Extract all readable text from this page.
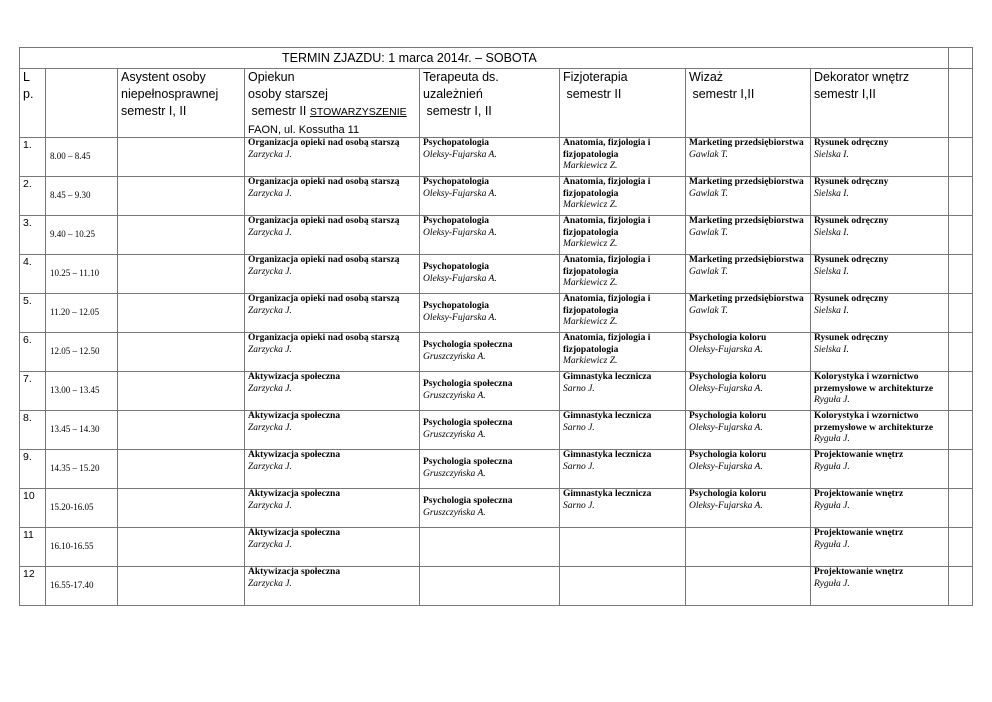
TERMIN ZJAZDU: 1 marca 2014r. – SOBOTA								
L
p.		Asystent osoby
niepełnosprawnej
semestr I, II	Opiekun
osoby starszej
semestr II STOWARZYSZENIE
FAON, ul. Kossutha 11	Terapeuta ds.
uzależnień
semestr I, II	Fizjoterapia
semestr II	Wizaż
semestr I,II	Dekorator wnętrz
semestr I,II	
1.	8.00 – 8.45		Organizacja opieki nad osobą starszą
Zarzycka J.	Psychopatologia
Oleksy-Fujarska A.	Anatomia, fizjologia i fizjopatologia
Markiewicz Z.	Marketing przedsiębiorstwa
Gawlak T.	Rysunek odręczny
Sielska I.	

2.	8.45 – 9.30		Organizacja opieki nad osobą starszą
Zarzycka J.	Psychopatologia
Oleksy-Fujarska A.	Anatomia, fizjologia i fizjopatologia
Markiewicz Z.	Marketing przedsiębiorstwa
Gawlak T.	Rysunek odręczny
Sielska I.	

3.	9.40 – 10.25		Organizacja opieki nad osobą starszą
Zarzycka J.	Psychopatologia
Oleksy-Fujarska A.	Anatomia, fizjologia i fizjopatologia
Markiewicz Z.	Marketing przedsiębiorstwa
Gawlak T.	Rysunek odręczny
Sielska I.	

4.	10.25 – 11.10		Organizacja opieki nad osobą starszą
Zarzycka J.	Psychopatologia
Oleksy-Fujarska A.	Anatomia, fizjologia i fizjopatologia
Markiewicz Z.	Marketing przedsiębiorstwa
Gawlak T.	Rysunek odręczny
Sielska I.	

5.	11.20 – 12.05		Organizacja opieki nad osobą starszą
Zarzycka J.	Psychopatologia
Oleksy-Fujarska A.	Anatomia, fizjologia i fizjopatologia
Markiewicz Z.	Marketing przedsiębiorstwa
Gawlak T.	Rysunek odręczny
Sielska I.	

6.	12.05 – 12.50		Organizacja opieki nad osobą starszą
Zarzycka J.	Psychologia społeczna
Gruszczyńska A.	Anatomia, fizjologia i fizjopatologia
Markiewicz Z.	Psychologia koloru
Oleksy-Fujarska A.	Rysunek odręczny
Sielska I.	

7.	13.00 – 13.45		Aktywizacja społeczna
Zarzycka J.	Psychologia społeczna
Gruszczyńska A.	Gimnastyka lecznicza
Sarno J.	Psychologia koloru
Oleksy-Fujarska A.	Kolorystyka i wzornictwo przemysłowe w architekturze
Ryguła J.	

8.	13.45 – 14.30		Aktywizacja społeczna
Zarzycka J.	Psychologia społeczna
Gruszczyńska A.	Gimnastyka lecznicza
Sarno J.	Psychologia koloru
Oleksy-Fujarska A.	Kolorystyka i wzornictwo przemysłowe w architekturze
Ryguła J.	

9.	14.35 – 15.20		Aktywizacja społeczna
Zarzycka J.	Psychologia społeczna
Gruszczyńska A.	Gimnastyka lecznicza
Sarno J.	Psychologia koloru
Oleksy-Fujarska A.	Projektowanie wnętrz
Ryguła J.	

10	15.20-16.05		Aktywizacja społeczna
Zarzycka J.	Psychologia społeczna
Gruszczyńska A.	Gimnastyka lecznicza
Sarno J.	Psychologia koloru
Oleksy-Fujarska A.	Projektowanie wnętrz
Ryguła J.	

11	16.10-16.55		Aktywizacja społeczna
Zarzycka J.				Projektowanie wnętrz
Ryguła J.	

12	16.55-17.40		Aktywizacja społeczna
Zarzycka J.				Projektowanie wnętrz
Ryguła J.	
